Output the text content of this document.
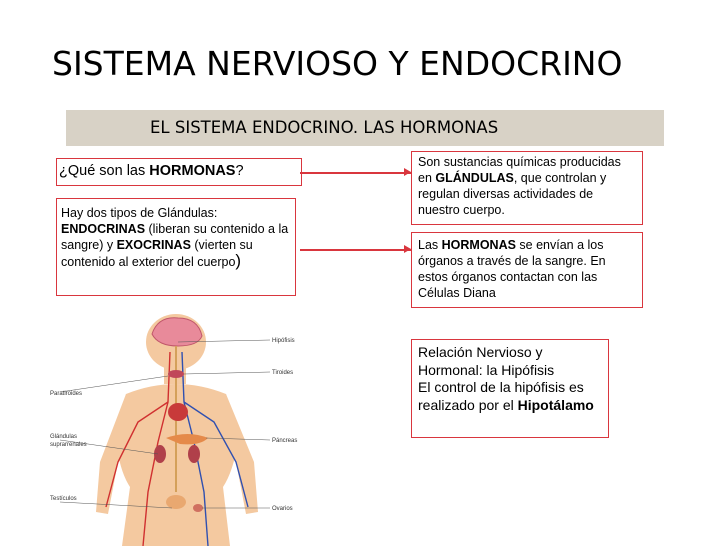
SISTEMA NERVIOSO Y ENDOCRINO
EL SISTEMA ENDOCRINO. LAS HORMONAS
¿Qué son las HORMONAS?
Hay dos tipos de Glándulas:
ENDOCRINAS (liberan su contenido a la sangre) y EXOCRINAS (vierten su contenido al exterior del cuerpo)
Son sustancias químicas producidas en GLÁNDULAS, que controlan y regulan diversas actividades de nuestro cuerpo.
Las HORMONAS se envían a los órganos a través de la sangre. En estos órganos contactan con las Células Diana
Relación Nervioso y Hormonal: la Hipófisis
El control de la hipófisis es realizado por el Hipotálamo
Hipófisis
Tiroides
Paratiroides
Glándulas
suprarrenales
Páncreas
Testículos
Ovarios
